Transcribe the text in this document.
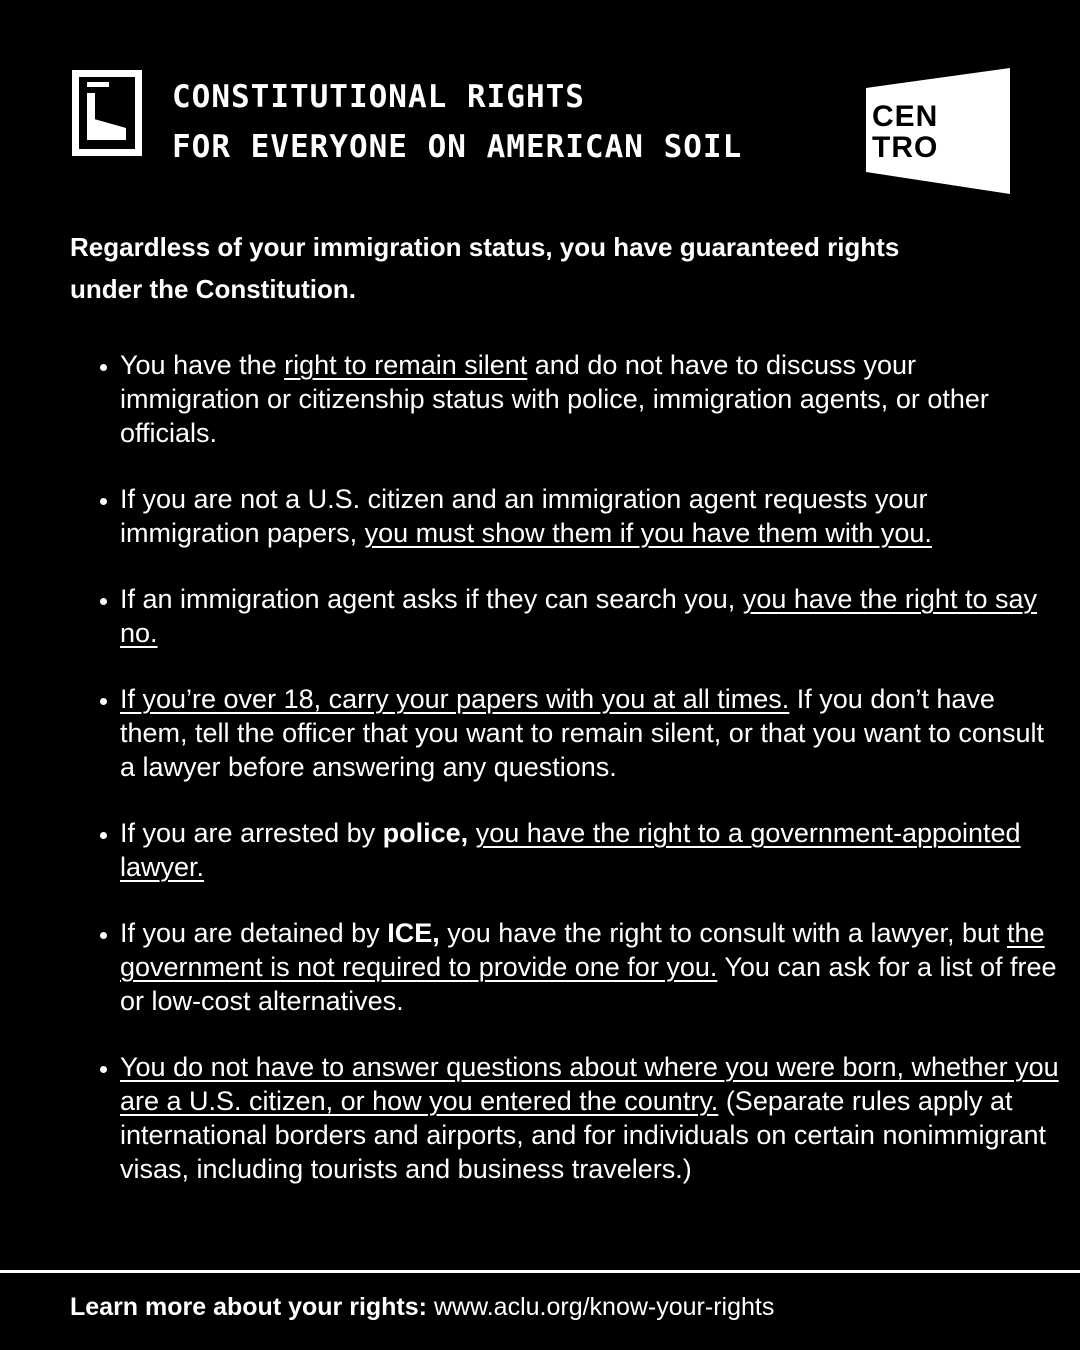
CONSTITUTIONAL RIGHTS
FOR EVERYONE ON AMERICAN SOIL
CEN
TRO

Regardless of your immigration status, you have guaranteed rights under the Constitution.

• You have the right to remain silent and do not have to discuss your immigration or citizenship status with police, immigration agents, or other officials.
• If you are not a U.S. citizen and an immigration agent requests your immigration papers, you must show them if you have them with you.
• If an immigration agent asks if they can search you, you have the right to say no.
• If you’re over 18, carry your papers with you at all times. If you don’t have them, tell the officer that you want to remain silent, or that you want to consult a lawyer before answering any questions.
• If you are arrested by police, you have the right to a government-appointed lawyer.
• If you are detained by ICE, you have the right to consult with a lawyer, but the government is not required to provide one for you. You can ask for a list of free or low-cost alternatives.
• You do not have to answer questions about where you were born, whether you are a U.S. citizen, or how you entered the country. (Separate rules apply at international borders and airports, and for individuals on certain nonimmigrant visas, including tourists and business travelers.)
Learn more about your rights: www.aclu.org/know-your-rights
